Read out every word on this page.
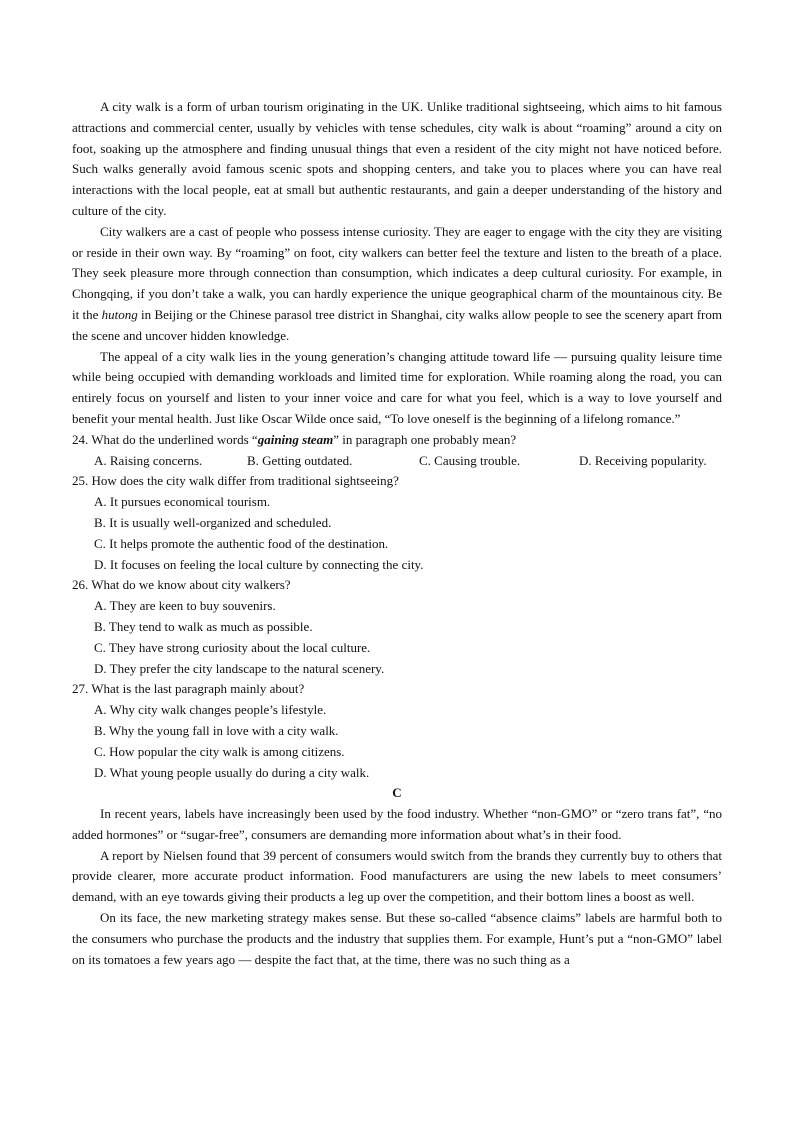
A city walk is a form of urban tourism originating in the UK. Unlike traditional sightseeing, which aims to hit famous attractions and commercial center, usually by vehicles with tense schedules, city walk is about “roaming” around a city on foot, soaking up the atmosphere and finding unusual things that even a resident of the city might not have noticed before. Such walks generally avoid famous scenic spots and shopping centers, and take you to places where you can have real interactions with the local people, eat at small but authentic restaurants, and gain a deeper understanding of the history and culture of the city.

City walkers are a cast of people who possess intense curiosity. They are eager to engage with the city they are visiting or reside in their own way. By “roaming” on foot, city walkers can better feel the texture and listen to the breath of a place. They seek pleasure more through connection than consumption, which indicates a deep cultural curiosity. For example, in Chongqing, if you don’t take a walk, you can hardly experience the unique geographical charm of the mountainous city. Be it the hutong in Beijing or the Chinese parasol tree district in Shanghai, city walks allow people to see the scenery apart from the scene and uncover hidden knowledge.

The appeal of a city walk lies in the young generation’s changing attitude toward life — pursuing quality leisure time while being occupied with demanding workloads and limited time for exploration. While roaming along the road, you can entirely focus on yourself and listen to your inner voice and care for what you feel, which is a way to love yourself and benefit your mental health. Just like Oscar Wilde once said, “To love oneself is the beginning of a lifelong romance.”

24. What do the underlined words “gaining steam” in paragraph one probably mean?

A. Raising concerns.	B. Getting outdated.	C. Causing trouble.	D. Receiving popularity.

25. How does the city walk differ from traditional sightseeing?

A. It pursues economical tourism.

B. It is usually well-organized and scheduled.

C. It helps promote the authentic food of the destination.

D. It focuses on feeling the local culture by connecting the city.

26. What do we know about city walkers?

A. They are keen to buy souvenirs.

B. They tend to walk as much as possible.

C. They have strong curiosity about the local culture.

D. They prefer the city landscape to the natural scenery.

27. What is the last paragraph mainly about?

A. Why city walk changes people’s lifestyle.

B. Why the young fall in love with a city walk.

C. How popular the city walk is among citizens.

D. What young people usually do during a city walk.

C

In recent years, labels have increasingly been used by the food industry. Whether “non-GMO” or “zero trans fat”, “no added hormones” or “sugar-free”, consumers are demanding more information about what’s in their food.

A report by Nielsen found that 39 percent of consumers would switch from the brands they currently buy to others that provide clearer, more accurate product information. Food manufacturers are using the new labels to meet consumers’ demand, with an eye towards giving their products a leg up over the competition, and their bottom lines a boost as well.

On its face, the new marketing strategy makes sense. But these so-called “absence claims” labels are harmful both to the consumers who purchase the products and the industry that supplies them. For example, Hunt’s put a “non-GMO” label on its tomatoes a few years ago — despite the fact that, at the time, there was no such thing as a
